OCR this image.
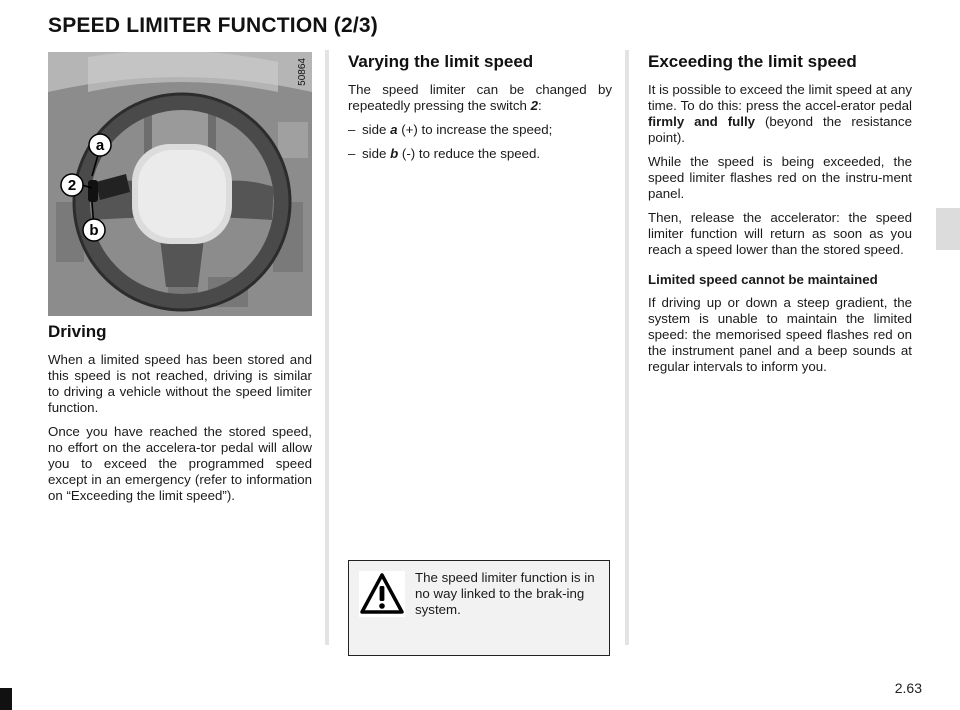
SPEED LIMITER FUNCTION (2/3)
50864
a
2
b
Driving

When a limited speed has been stored and this speed is not reached, driving is similar to driving a vehicle without the speed limiter function.

Once you have reached the stored speed, no effort on the accelera-tor pedal will allow you to exceed the programmed speed except in an emergency (refer to information on “Exceeding the limit speed”).

Varying the limit speed

The speed limiter can be changed by repeatedly pressing the switch 2:

– side a (+) to increase the speed;
– side b (-) to reduce the speed.
The speed limiter function is in no way linked to the brak-ing system.
Exceeding the limit speed

It is possible to exceed the limit speed at any time. To do this: press the accel-erator pedal firmly and fully (beyond the resistance point).

While the speed is being exceeded, the speed limiter flashes red on the instru-ment panel.

Then, release the accelerator: the speed limiter function will return as soon as you reach a speed lower than the stored speed.

Limited speed cannot be maintained

If driving up or down a steep gradient, the system is unable to maintain the limited speed: the memorised speed flashes red on the instrument panel and a beep sounds at regular intervals to inform you.

2.63
